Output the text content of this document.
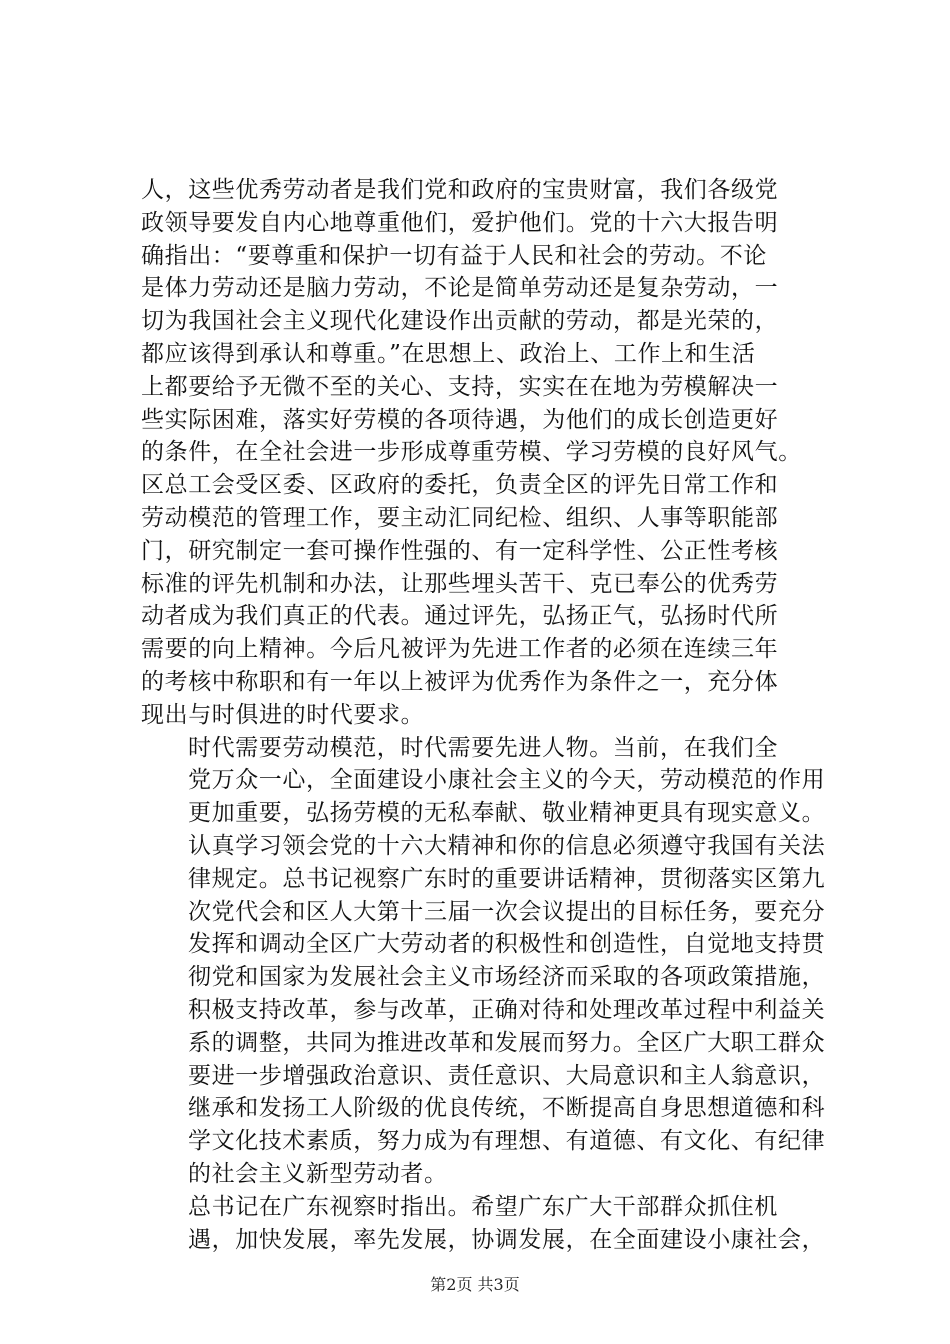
人，这些优秀劳动者是我们党和政府的宝贵财富，我们各级党
政领导要发自内心地尊重他们，爱护他们。党的十六大报告明
确指出：“要尊重和保护一切有益于人民和社会的劳动。不论
是体力劳动还是脑力劳动，不论是简单劳动还是复杂劳动，一
切为我国社会主义现代化建设作出贡献的劳动，都是光荣的，
都应该得到承认和尊重。”在思想上、政治上、工作上和生活
上都要给予无微不至的关心、支持，实实在在地为劳模解决一
些实际困难，落实好劳模的各项待遇，为他们的成长创造更好
的条件，在全社会进一步形成尊重劳模、学习劳模的良好风气。
区总工会受区委、区政府的委托，负责全区的评先日常工作和
劳动模范的管理工作，要主动汇同纪检、组织、人事等职能部
门，研究制定一套可操作性强的、有一定科学性、公正性考核
标准的评先机制和办法，让那些埋头苦干、克已奉公的优秀劳
动者成为我们真正的代表。通过评先，弘扬正气，弘扬时代所
需要的向上精神。今后凡被评为先进工作者的必须在连续三年
的考核中称职和有一年以上被评为优秀作为条件之一，充分体
现出与时俱进的时代要求。

时代需要劳动模范，时代需要先进人物。当前，在我们全
党万众一心，全面建设小康社会主义的今天，劳动模范的作用
更加重要，弘扬劳模的无私奉献、敬业精神更具有现实意义。
认真学习领会党的十六大精神和你的信息必须遵守我国有关法
律规定。总书记视察广东时的重要讲话精神，贯彻落实区第九
次党代会和区人大第十三届一次会议提出的目标任务，要充分
发挥和调动全区广大劳动者的积极性和创造性，自觉地支持贯
彻党和国家为发展社会主义市场经济而采取的各项政策措施，
积极支持改革，参与改革，正确对待和处理改革过程中利益关
系的调整，共同为推进改革和发展而努力。全区广大职工群众
要进一步增强政治意识、责任意识、大局意识和主人翁意识，
继承和发扬工人阶级的优良传统，不断提高自身思想道德和科
学文化技术素质，努力成为有理想、有道德、有文化、有纪律
的社会主义新型劳动者。

总书记在广东视察时指出。希望广东广大干部群众抓住机
遇，加快发展，率先发展，协调发展，在全面建设小康社会，

第2页 共3页
